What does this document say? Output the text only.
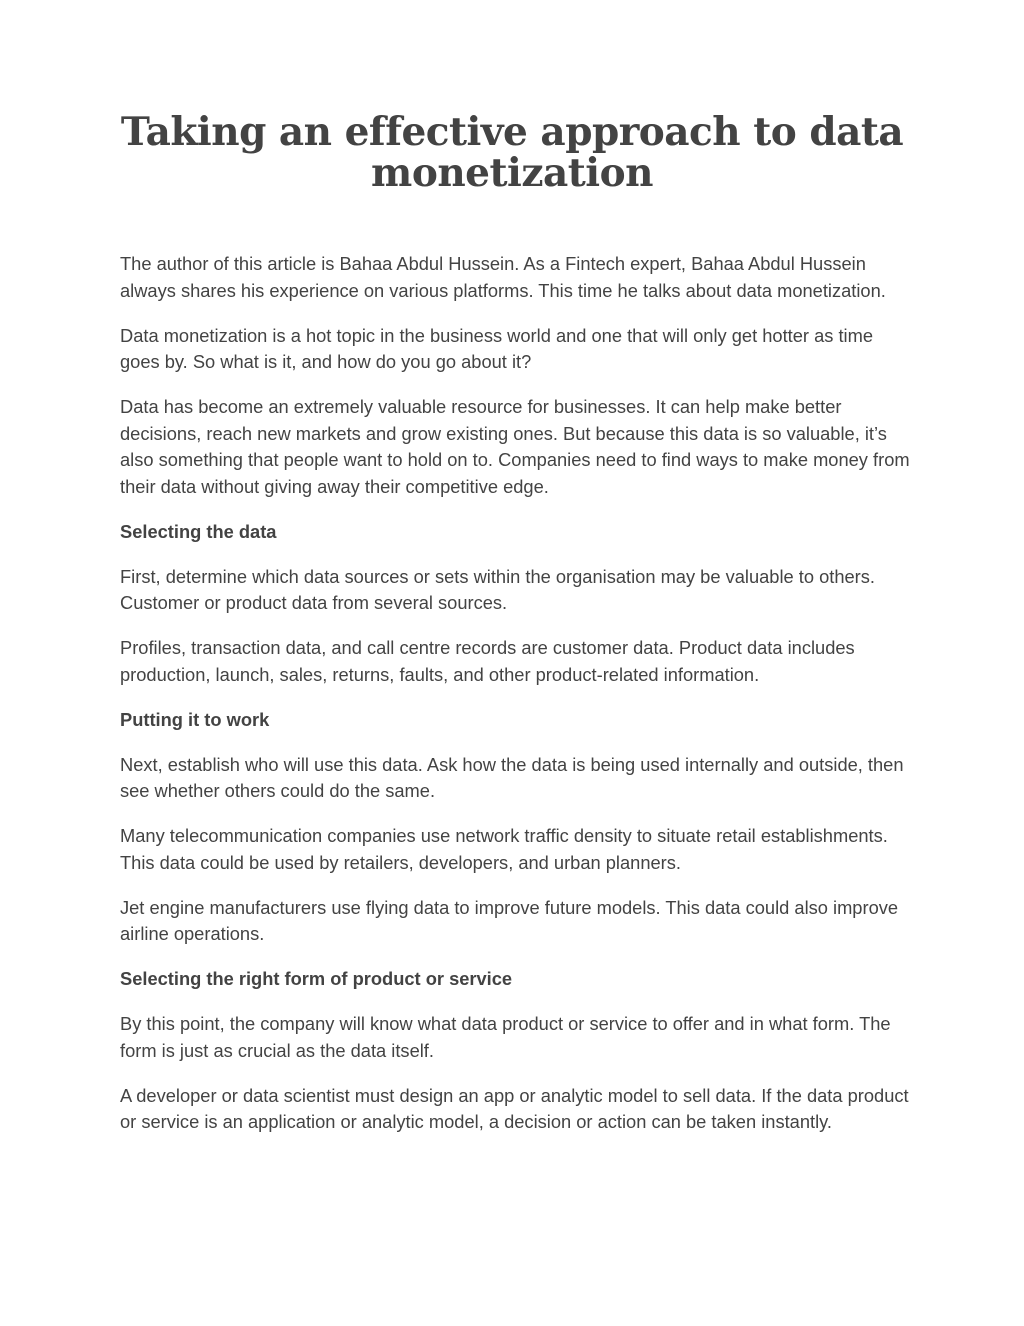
Taking an effective approach to data monetization

The author of this article is Bahaa Abdul Hussein. As a Fintech expert, Bahaa Abdul Hussein always shares his experience on various platforms. This time he talks about data monetization.

Data monetization is a hot topic in the business world and one that will only get hotter as time goes by. So what is it, and how do you go about it?

Data has become an extremely valuable resource for businesses. It can help make better decisions, reach new markets and grow existing ones. But because this data is so valuable, it’s also something that people want to hold on to. Companies need to find ways to make money from their data without giving away their competitive edge.

Selecting the data

First, determine which data sources or sets within the organisation may be valuable to others. Customer or product data from several sources.

Profiles, transaction data, and call centre records are customer data. Product data includes production, launch, sales, returns, faults, and other product-related information.

Putting it to work

Next, establish who will use this data. Ask how the data is being used internally and outside, then see whether others could do the same.

Many telecommunication companies use network traffic density to situate retail establishments. This data could be used by retailers, developers, and urban planners.

Jet engine manufacturers use flying data to improve future models. This data could also improve airline operations.

Selecting the right form of product or service

By this point, the company will know what data product or service to offer and in what form. The form is just as crucial as the data itself.

A developer or data scientist must design an app or analytic model to sell data. If the data product or service is an application or analytic model, a decision or action can be taken instantly.
